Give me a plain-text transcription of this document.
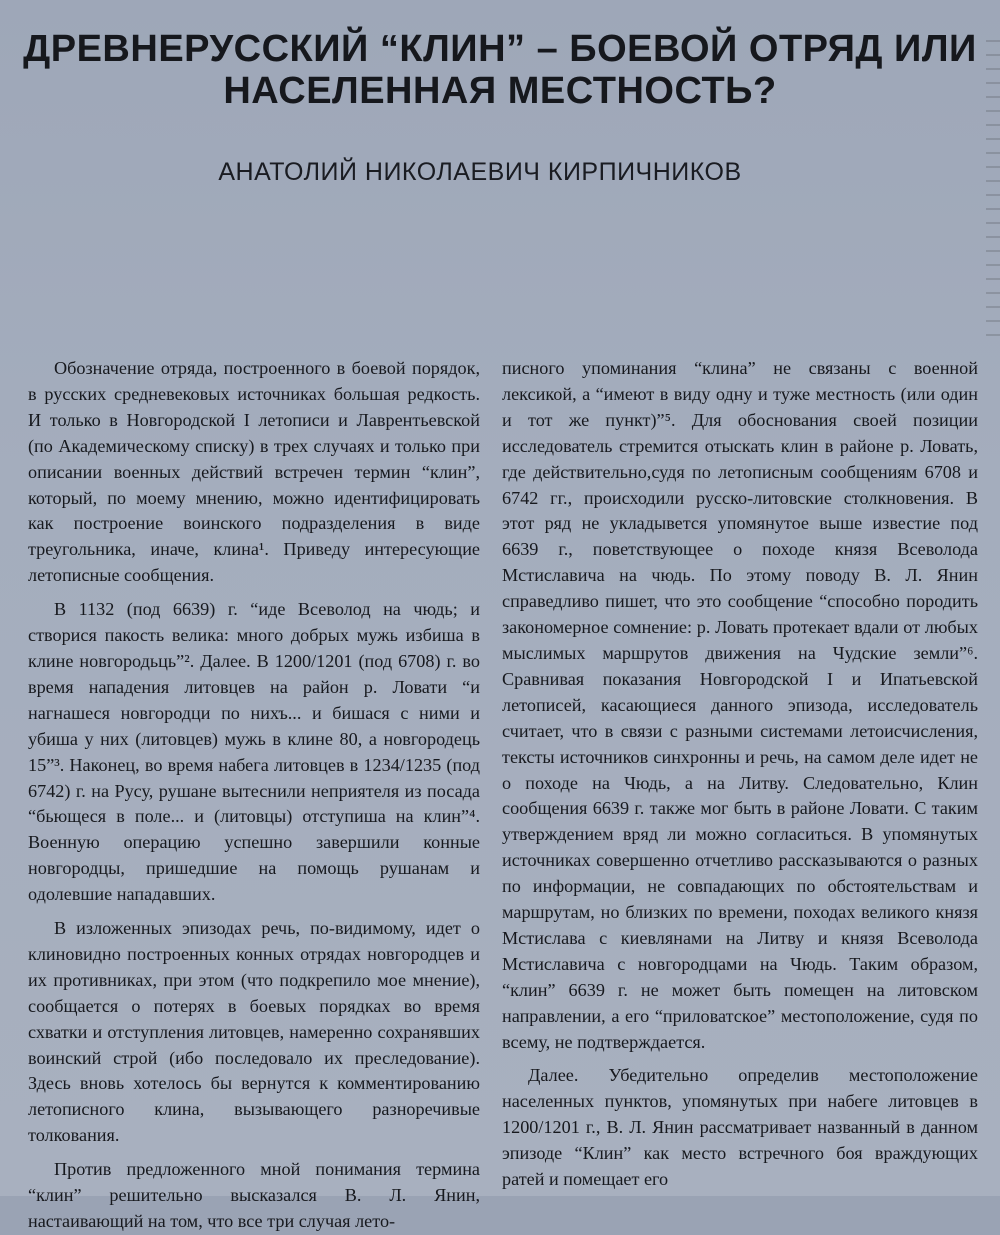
ДРЕВНЕРУССКИЙ “КЛИН” – БОЕВОЙ ОТРЯД ИЛИ
НАСЕЛЕННАЯ МЕСТНОСТЬ?
АНАТОЛИЙ НИКОЛАЕВИЧ КИРПИЧНИКОВ

Обозначение отряда, построенного в боевой порядок, в русских средневековых источниках большая редкость. И только в Новгородской I летописи и Лаврентьевской (по Академическому списку) в трех случаях и только при описании военных действий встречен термин “клин”, который, по моему мнению, можно идентифицировать как построение воинского подразделения в виде треугольника, иначе, клина¹. Приведу интересующие летописные сообщения.

В 1132 (под 6639) г. “иде Всеволод на чюдь; и створися пакость велика: много добрых мужь избиша в клине новгородьць”². Далее. В 1200/1201 (под 6708) г. во время нападения литовцев на район р. Ловати “и нагнашеся новгородци по нихъ... и бишася с ними и убиша у них (литовцев) мужь в клине 80, а новгородець 15”³. Наконец, во время набега литовцев в 1234/1235 (под 6742) г. на Русу, рушане вытеснили неприятеля из посада “бьющеся в поле... и (литовцы) отступиша на клин”⁴. Военную операцию успешно завершили конные новгородцы, пришедшие на помощь рушанам и одолевшие нападавших.

В изложенных эпизодах речь, по-видимому, идет о клиновидно построенных конных отрядах новгородцев и их противниках, при этом (что подкрепило мое мнение), сообщается о потерях в боевых порядках во время схватки и отступления литовцев, намеренно сохранявших воинский строй (ибо последовало их преследование). Здесь вновь хотелось бы вернутся к комментированию летописного клина, вызывающего разноречивые толкования.

Против предложенного мной понимания термина “клин” решительно высказался В. Л. Янин, настаивающий на том, что все три случая лето-

писного упоминания “клина” не связаны с военной лексикой, а “имеют в виду одну и туже местность (или один и тот же пункт)”⁵. Для обоснования своей позиции исследователь стремится отыскать клин в районе р. Ловать, где действительно,судя по летописным сообщениям 6708 и 6742 гг., происходили русско-литовские столкновения. В этот ряд не укладывется упомянутое выше известие под 6639 г., поветствующее о походе князя Всеволода Мстиславича на чюдь. По этому поводу В. Л. Янин справедливо пишет, что это сообщение “способно породить закономерное сомнение: р. Ловать протекает вдали от любых мыслимых маршрутов движения на Чудские земли”⁶. Сравнивая показания Новгородской I и Ипатьевской летописей, касающиеся данного эпизода, исследователь считает, что в связи с разными системами летоисчисления, тексты источников синхронны и речь, на самом деле идет не о походе на Чюдь, а на Литву. Следовательно, Клин сообщения 6639 г. также мог быть в районе Ловати. С таким утверждением вряд ли можно согласиться. В упомянутых источниках совершенно отчетливо рассказываются о разных по информации, не совпадающих по обстоятельствам и маршрутам, но близких по времени, походах великого князя Мстислава с киевлянами на Литву и князя Всеволода Мстиславича с новгородцами на Чюдь. Таким образом, “клин” 6639 г. не может быть помещен на литовском направлении, а его “приловатское” местоположение, судя по всему, не подтверждается.

Далее. Убедительно определив местоположение населенных пунктов, упомянутых при набеге литовцев в 1200/1201 г., В. Л. Янин рассматривает названный в данном эпизоде “Клин” как место встречного боя враждующих ратей и помещает его
